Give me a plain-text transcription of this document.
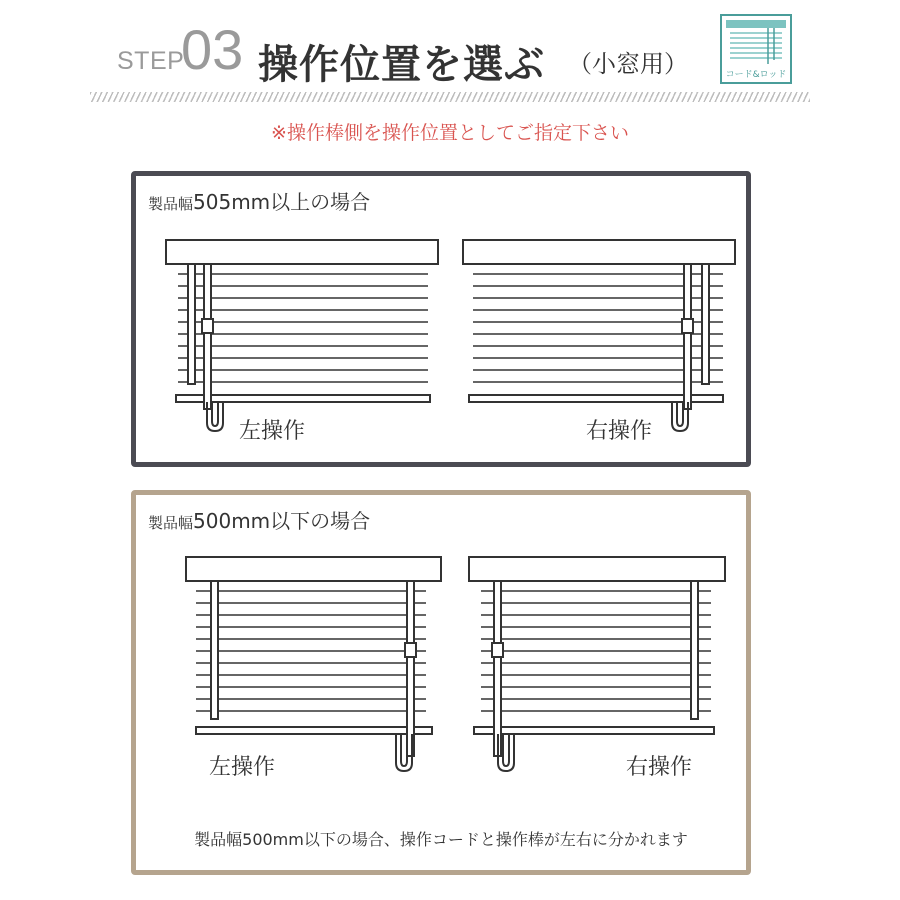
STEP
03 操作位置を選ぶ （小窓用）	コード&ロッド
※操作棒側を操作位置としてご指定下さい
製品幅505mm以上の場合
左操作	右操作
製品幅500mm以下の場合
左操作	右操作
製品幅500mm以下の場合、操作コードと操作棒が左右に分かれます
